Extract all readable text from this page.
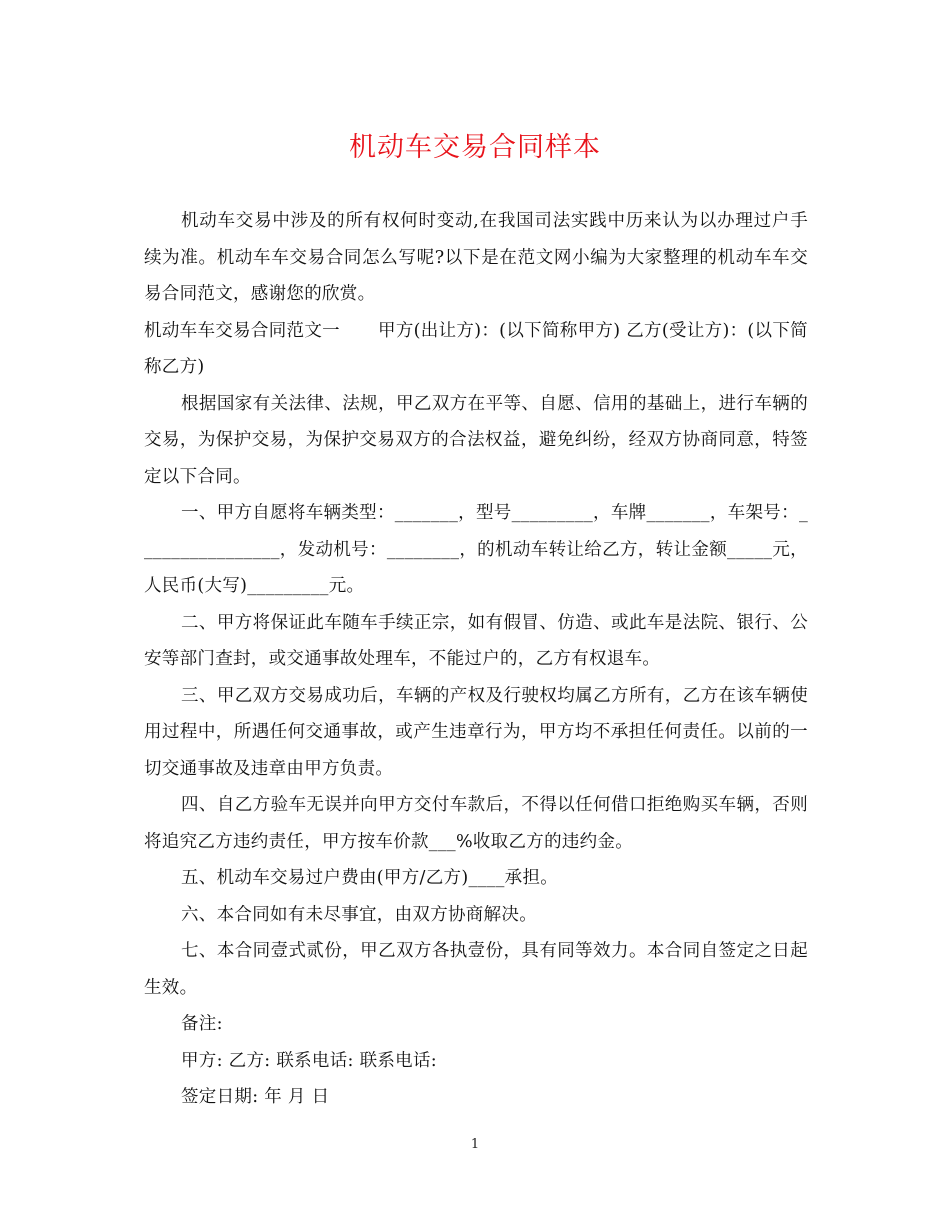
机动车交易合同样本

机动车交易中涉及的所有权何时变动,在我国司法实践中历来认为以办理过户手续为准。机动车车交易合同怎么写呢?以下是在范文网小编为大家整理的机动车车交易合同范文，感谢您的欣赏。

机动车车交易合同范文一 甲方(出让方)：(以下简称甲方) 乙方(受让方)：(以下简称乙方)

根据国家有关法律、法规，甲乙双方在平等、自愿、信用的基础上，进行车辆的交易，为保护交易，为保护交易双方的合法权益，避免纠纷，经双方协商同意，特签定以下合同。

一、甲方自愿将车辆类型：_______，型号_________，车牌_______，车架号：________________，发动机号：________，的机动车转让给乙方，转让金额_____元，人民币(大写)_________元。

二、甲方将保证此车随车手续正宗，如有假冒、仿造、或此车是法院、银行、公安等部门查封，或交通事故处理车，不能过户的，乙方有权退车。

三、甲乙双方交易成功后，车辆的产权及行驶权均属乙方所有，乙方在该车辆使用过程中，所遇任何交通事故，或产生违章行为，甲方均不承担任何责任。以前的一切交通事故及违章由甲方负责。

四、自乙方验车无误并向甲方交付车款后，不得以任何借口拒绝购买车辆，否则将追究乙方违约责任，甲方按车价款___%收取乙方的违约金。

五、机动车交易过户费由(甲方/乙方)____承担。

六、本合同如有未尽事宜，由双方协商解决。

七、本合同壹式贰份，甲乙双方各执壹份，具有同等效力。本合同自签定之日起生效。

备注:

甲方: 乙方: 联系电话: 联系电话:

签定日期: 年 月 日

1
